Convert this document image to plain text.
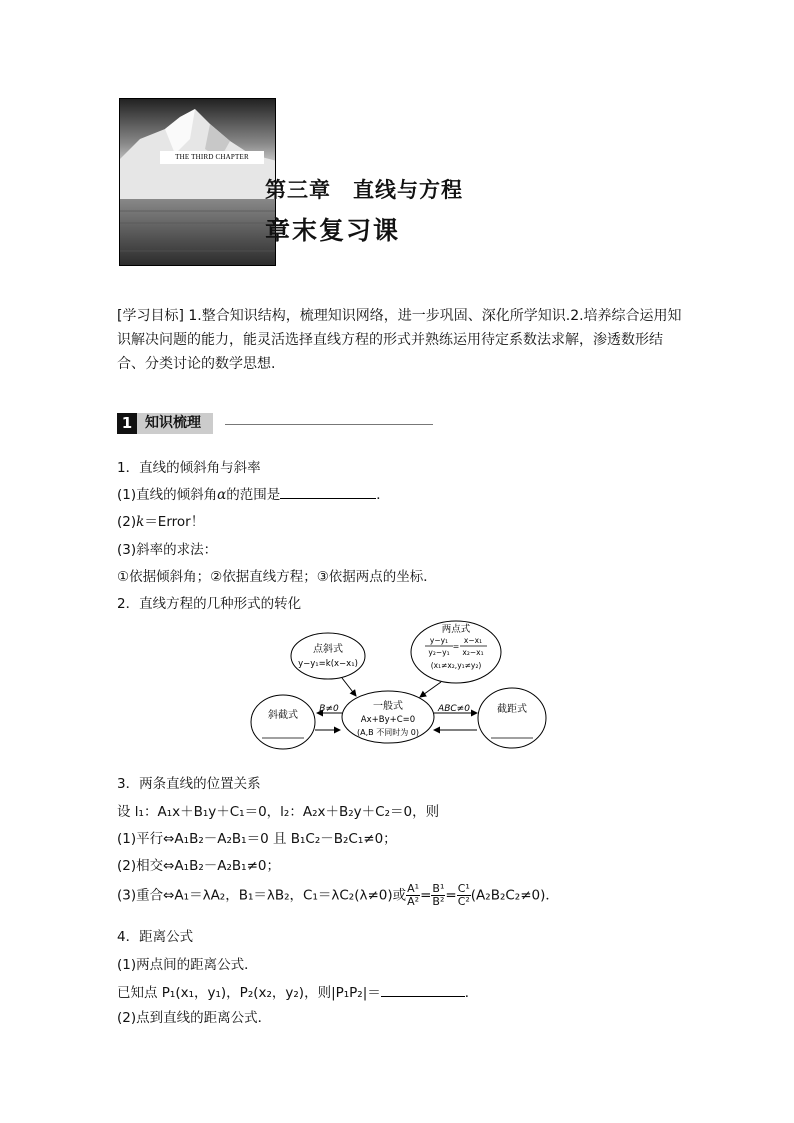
THE THIRD CHAPTER
第三章　直线与方程
章末复习课
[学习目标] 1.整合知识结构，梳理知识网络，进一步巩固、深化所学知识.2.培养综合运用知识解决问题的能力，能灵活选择直线方程的形式并熟练运用待定系数法求解，渗透数形结合、分类讨论的数学思想.
1 知识梳理
1．直线的倾斜角与斜率
(1)直线的倾斜角α的范围是	．
(2)k＝Error！
(3)斜率的求法：
①依据倾斜角；②依据直线方程；③依据两点的坐标．
2．直线方程的几种形式的转化
B≠0	ABC≠0
点斜式
y−y₁=k(x−x₁)
两点式
y−y₁
y₂−y₁
=
x−x₁
x₂−x₁
(x₁≠x₂,y₁≠y₂)
一般式
Ax+By+C=0
(A,B 不同时为 0)
斜截式
截距式
3．两条直线的位置关系
设 l₁：A₁x＋B₁y＋C₁＝0，l₂：A₂x＋B₂y＋C₂＝0，则
(1)平行⇔A₁B₂－A₂B₁＝0 且 B₁C₂－B₂C₁≠0；
(2)相交⇔A₁B₂－A₂B₁≠0；
(3)重合⇔A₁＝λA₂，B₁＝λB₂，C₁＝λC₂(λ≠0)或 $\frac{\text{A¹}}{\text{A²}} = \frac{\text{B¹}}{\text{B²}} = \frac{\text{C¹}}{\text{C²}} (A_2B_2C_2\ne 0)$．
4．距离公式
(1)两点间的距离公式．
已知点 P₁(x₁，y₁)，P₂(x₂，y₂)，则|P₁P₂|＝	．
(2)点到直线的距离公式．
